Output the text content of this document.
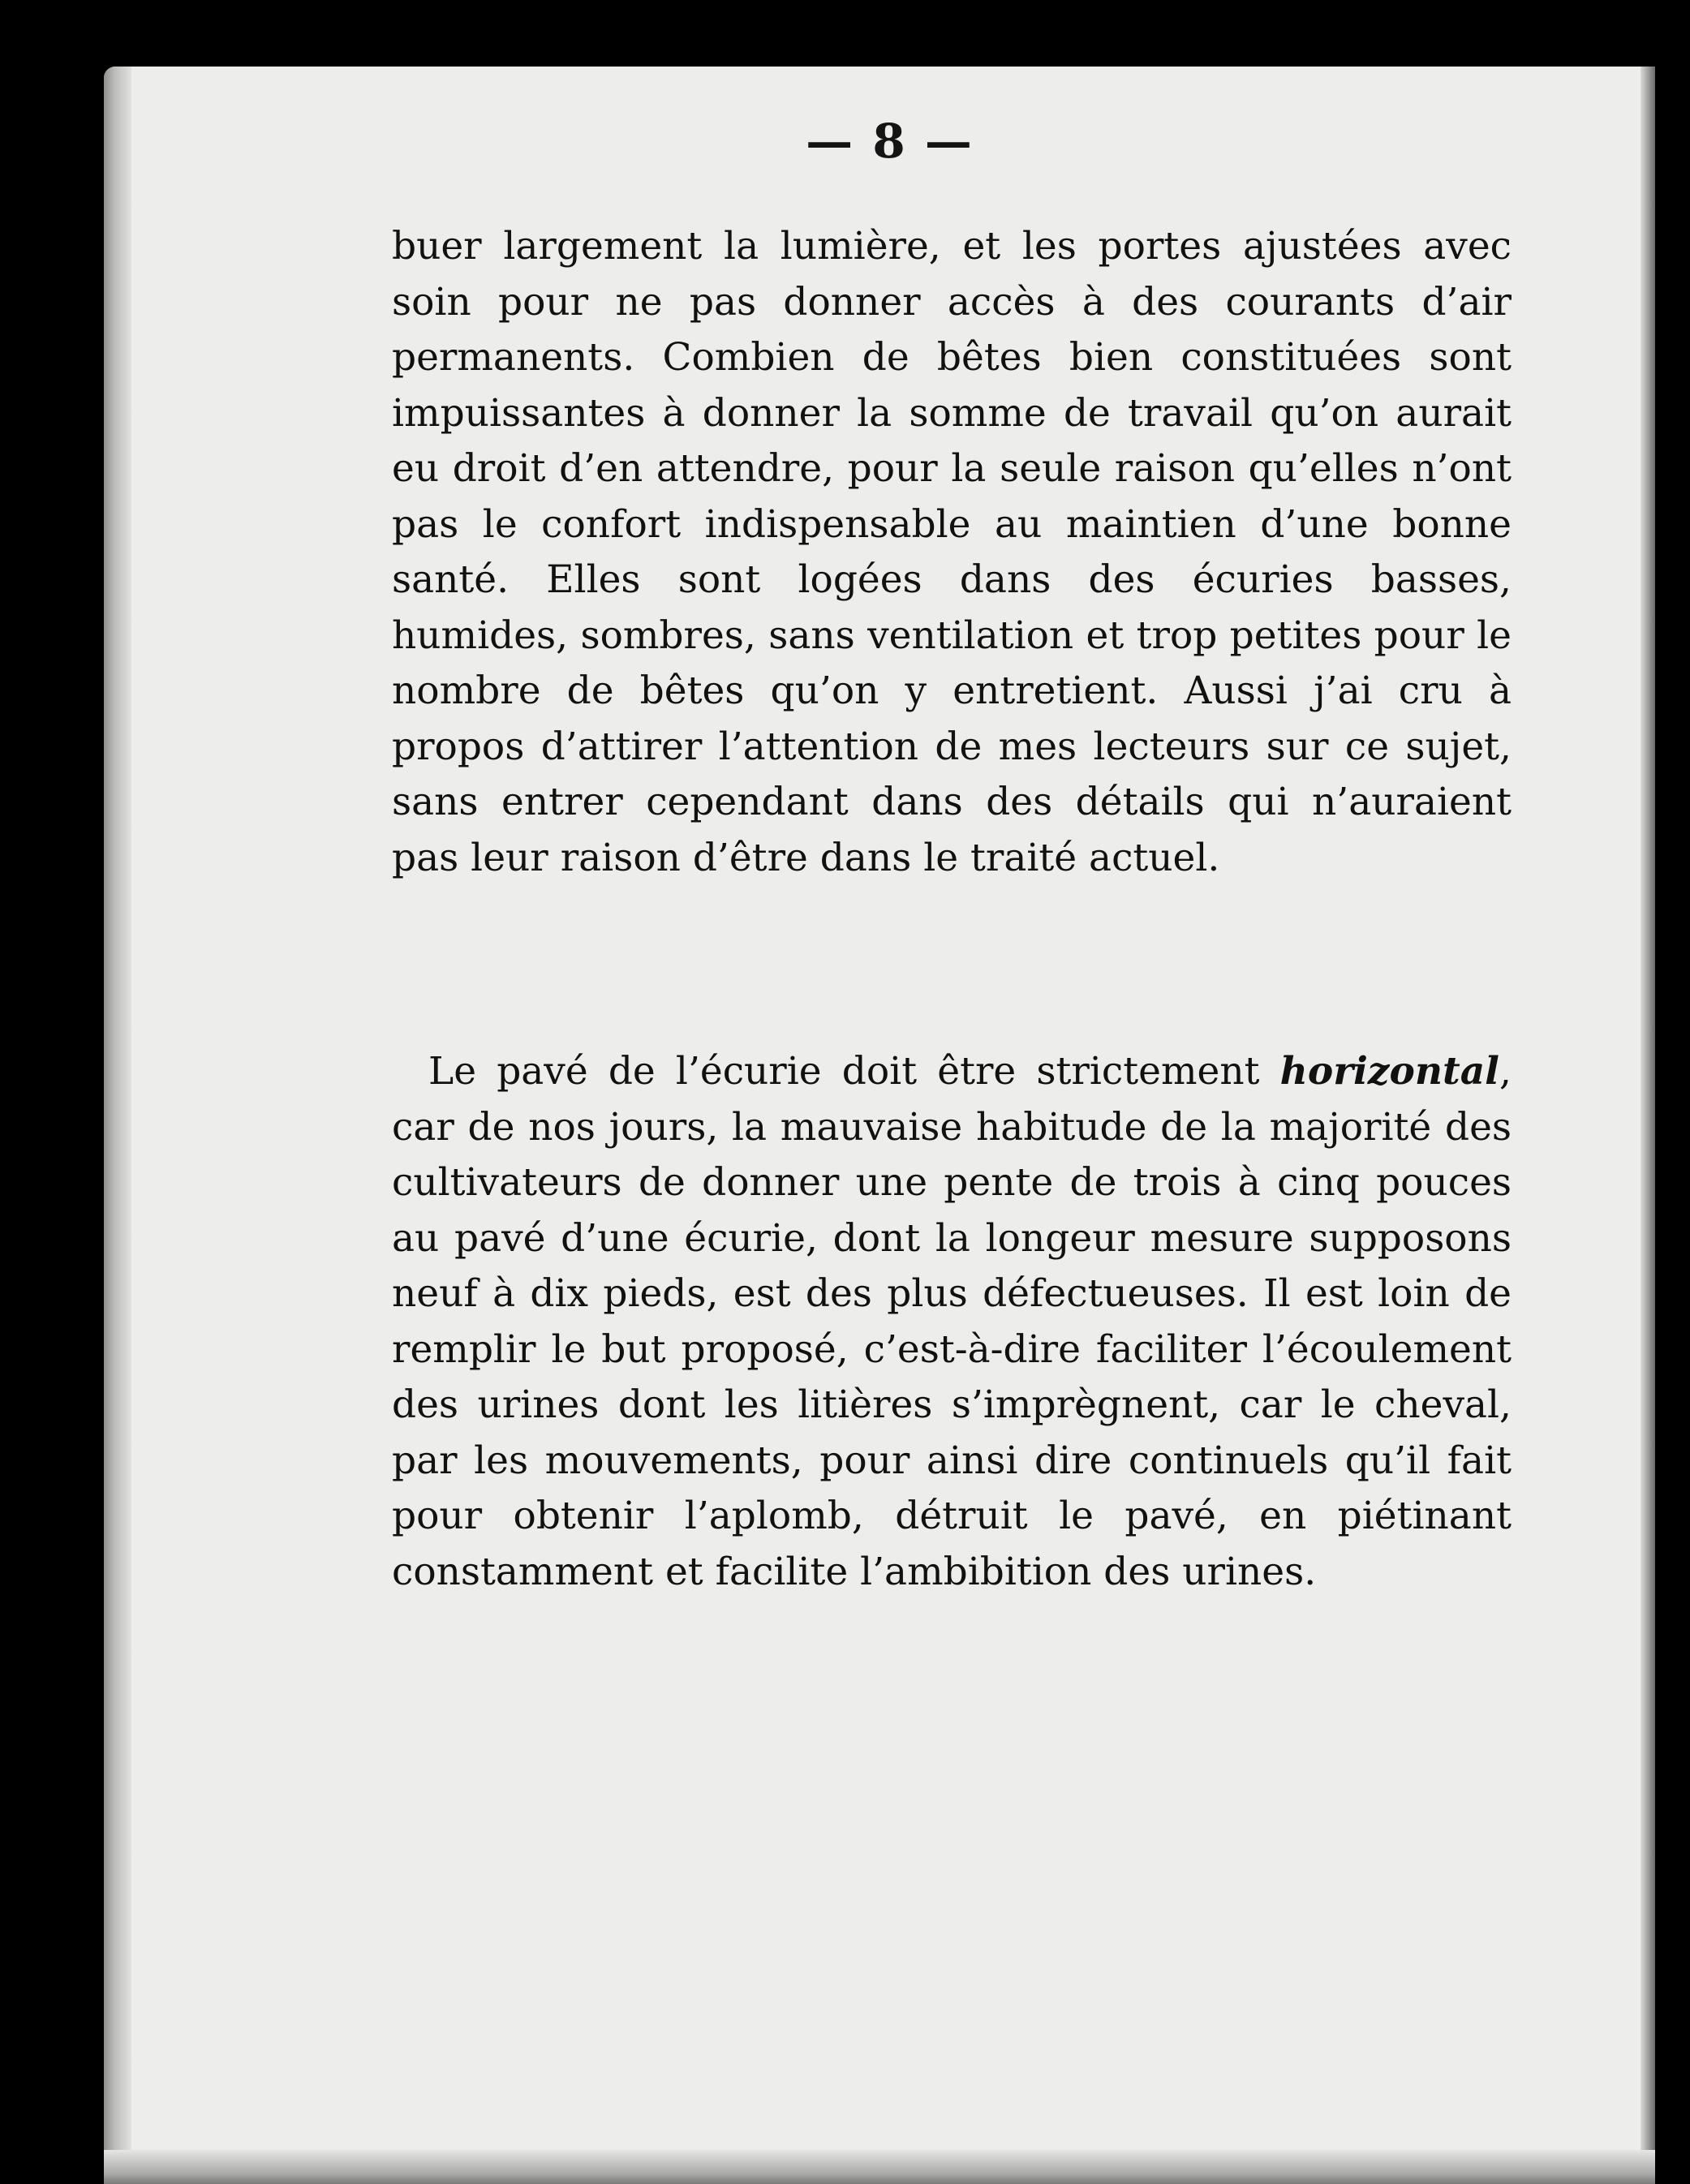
— 8 —

buer largement la lumière, et les portes ajustées avec soin pour ne pas donner accès à des courants d’air permanents. Combien de bêtes bien constituées sont impuissantes à donner la somme de travail qu’on aurait eu droit d’en attendre, pour la seule raison qu’elles n’ont pas le confort indispensable au maintien d’une bonne santé. Elles sont logées dans des écuries basses, humides, sombres, sans ventilation et trop petites pour le nombre de bêtes qu’on y entretient. Aussi j’ai cru à propos d’attirer l’attention de mes lecteurs sur ce sujet, sans entrer cependant dans des détails qui n’auraient pas leur raison d’être dans le traité actuel.

Le pavé de l’écurie doit être strictement horizontal, car de nos jours, la mauvaise habitude de la majorité des cultivateurs de donner une pente de trois à cinq pouces au pavé d’une écurie, dont la longeur mesure supposons neuf à dix pieds, est des plus défectueuses. Il est loin de remplir le but proposé, c’est-à-dire faciliter l’écoulement des urines dont les litières s’imprègnent, car le cheval, par les mouvements, pour ainsi dire continuels qu’il fait pour obtenir l’aplomb, détruit le pavé, en piétinant constamment et facilite l’ambibition des urines.
